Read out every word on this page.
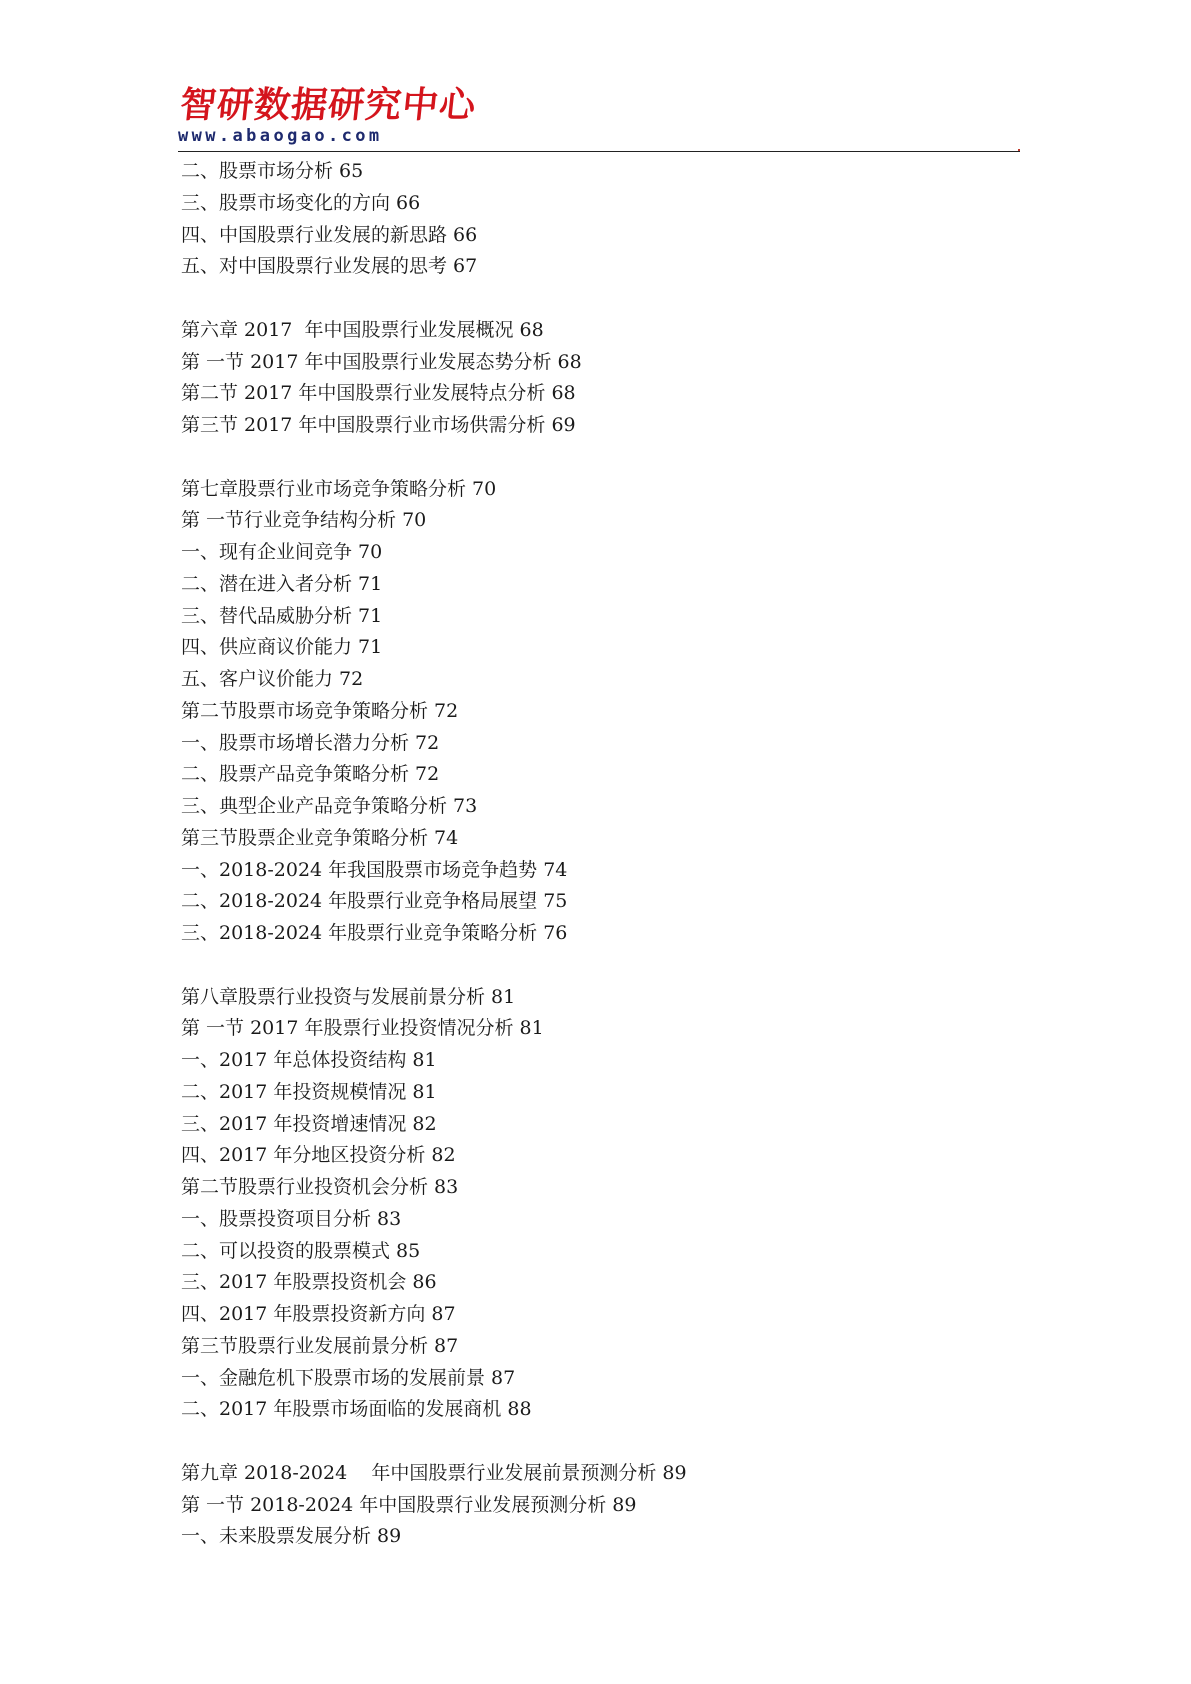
智研数据研究中心
www.abaogao.com
二、股票市场分析 65
三、股票市场变化的方向 66
四、中国股票行业发展的新思路 66
五、对中国股票行业发展的思考 67
第六章 2017  年中国股票行业发展概况 68
第 一节 2017 年中国股票行业发展态势分析 68
第二节 2017 年中国股票行业发展特点分析 68
第三节 2017 年中国股票行业市场供需分析 69
第七章股票行业市场竞争策略分析 70
第 一节行业竞争结构分析 70
一、现有企业间竞争 70
二、潜在进入者分析 71
三、替代品威胁分析 71
四、供应商议价能力 71
五、客户议价能力 72
第二节股票市场竞争策略分析 72
一、股票市场增长潜力分析 72
二、股票产品竞争策略分析 72
三、典型企业产品竞争策略分析 73
第三节股票企业竞争策略分析 74
一、2018-2024 年我国股票市场竞争趋势 74
二、2018-2024 年股票行业竞争格局展望 75
三、2018-2024 年股票行业竞争策略分析 76
第八章股票行业投资与发展前景分析 81
第 一节 2017 年股票行业投资情况分析 81
一、2017 年总体投资结构 81
二、2017 年投资规模情况 81
三、2017 年投资增速情况 82
四、2017 年分地区投资分析 82
第二节股票行业投资机会分析 83
一、股票投资项目分析 83
二、可以投资的股票模式 85
三、2017 年股票投资机会 86
四、2017 年股票投资新方向 87
第三节股票行业发展前景分析 87
一、金融危机下股票市场的发展前景 87
二、2017 年股票市场面临的发展商机 88
第九章 2018-2024    年中国股票行业发展前景预测分析 89
第 一节 2018-2024 年中国股票行业发展预测分析 89
一、未来股票发展分析 89
